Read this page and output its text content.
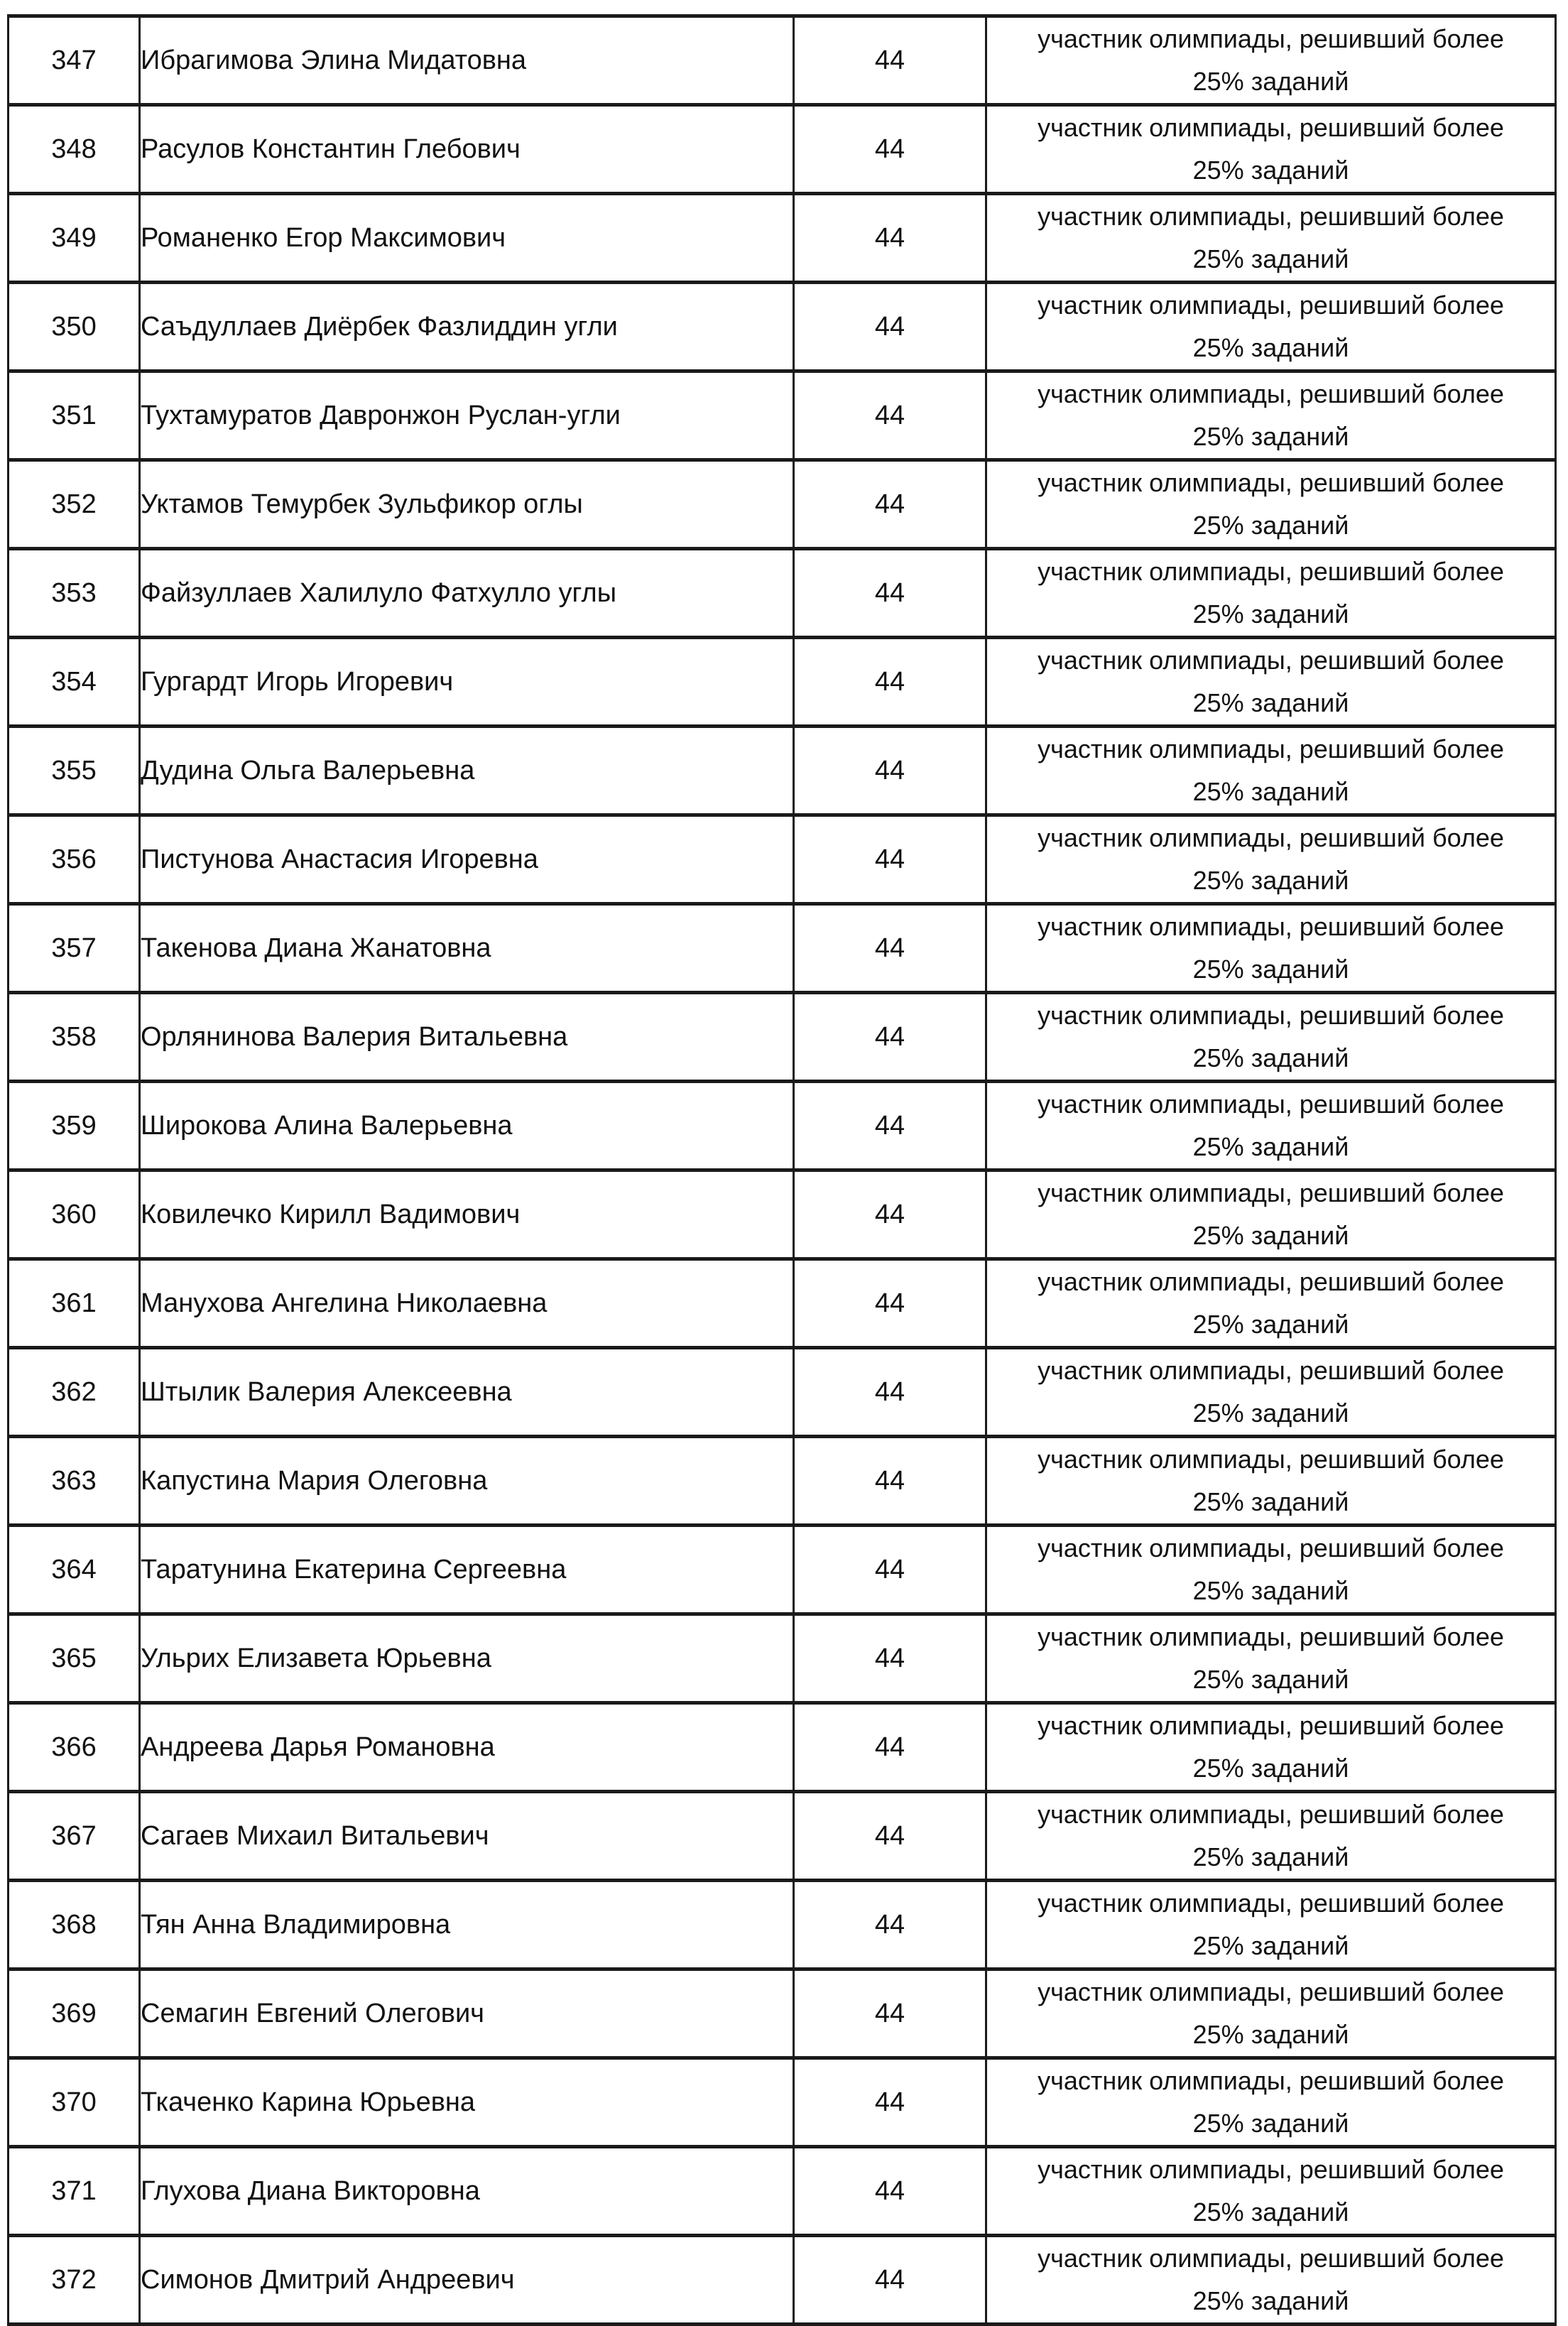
347	Ибрагимова Элина Мидатовна	44	участник олимпиады, решивший более
25% заданий

348	Расулов Константин Глебович	44	участник олимпиады, решивший более
25% заданий

349	Романенко Егор Максимович	44	участник олимпиады, решивший более
25% заданий

350	Саъдуллаев Диёрбек Фазлиддин угли	44	участник олимпиады, решивший более
25% заданий

351	Тухтамуратов Давронжон Руслан-угли	44	участник олимпиады, решивший более
25% заданий

352	Уктамов Темурбек Зульфикор оглы	44	участник олимпиады, решивший более
25% заданий

353	Файзуллаев Халилуло Фатхулло углы	44	участник олимпиады, решивший более
25% заданий

354	Гургардт Игорь Игоревич	44	участник олимпиады, решивший более
25% заданий

355	Дудина Ольга Валерьевна	44	участник олимпиады, решивший более
25% заданий

356	Пистунова Анастасия Игоревна	44	участник олимпиады, решивший более
25% заданий

357	Такенова Диана Жанатовна	44	участник олимпиады, решивший более
25% заданий

358	Орлянинова Валерия Витальевна	44	участник олимпиады, решивший более
25% заданий

359	Широкова Алина Валерьевна	44	участник олимпиады, решивший более
25% заданий

360	Ковилечко Кирилл Вадимович	44	участник олимпиады, решивший более
25% заданий

361	Манухова Ангелина Николаевна	44	участник олимпиады, решивший более
25% заданий

362	Штылик Валерия Алексеевна	44	участник олимпиады, решивший более
25% заданий

363	Капустина Мария Олеговна	44	участник олимпиады, решивший более
25% заданий

364	Таратунина Екатерина Сергеевна	44	участник олимпиады, решивший более
25% заданий

365	Ульрих Елизавета Юрьевна	44	участник олимпиады, решивший более
25% заданий

366	Андреева Дарья Романовна	44	участник олимпиады, решивший более
25% заданий

367	Сагаев Михаил Витальевич	44	участник олимпиады, решивший более
25% заданий

368	Тян Анна Владимировна	44	участник олимпиады, решивший более
25% заданий

369	Семагин Евгений Олегович	44	участник олимпиады, решивший более
25% заданий

370	Ткаченко Карина Юрьевна	44	участник олимпиады, решивший более
25% заданий

371	Глухова Диана Викторовна	44	участник олимпиады, решивший более
25% заданий

372	Симонов Дмитрий Андреевич	44	участник олимпиады, решивший более
25% заданий
